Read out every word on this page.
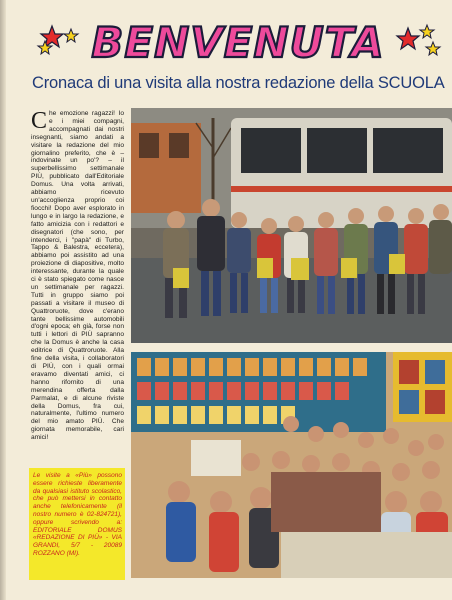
BENVENUTA
Cronaca di una visita alla nostra redazione della SCUOLA
C he emozione ragazzi! Io e i miei compagni, accompagnati dai nostri insegnanti, siamo andati a visitare la redazione del mio giornalino preferito, che è – indovinate un po'? – il superbellissimo settimanale PIÙ, pubblicato dall'Editoriale Domus. Una volta arrivati, abbiamo ricevuto un'accoglienza proprio coi fiocchi! Dopo aver esplorato in lungo e in largo la redazione, e fatto amicizia con i redattori e disegnatori (che sono, per intenderci, i "papà" di Turbo, Tappo & Balestra, eccetera), abbiamo poi assistito ad una proiezione di diapositive, molto interessante, durante la quale ci è stato spiegato come nasce un settimanale per ragazzi. Tutti in gruppo siamo poi passati a visitare il museo di Quattroruote, dove c'erano tante bellissime automobili d'ogni epoca; eh già, forse non tutti i lettori di PIÙ sapranno che la Domus è anche la casa editrice di Quattroruote. Alla fine della visita, i collaboratori di PIÙ, con i quali ormai eravamo diventati amici, ci hanno rifornito di una merendina offerta dalla Parmalat, e di alcune riviste della Domus, fra cui, naturalmente, l'ultimo numero del mio amato PIÙ. Che giornata memorabile, cari amici!

Le visite a «Più» possono essere richieste liberamente da qualsiasi istituto scolastico, che può mettersi in contatto anche telefonicamente (il nostro numero è 02-824721), oppure scrivendo a: EDITORIALE DOMUS «REDAZIONE DI PIÙ» - VIA GRANDI, 5/7 - 20089 ROZZANO (MI).
